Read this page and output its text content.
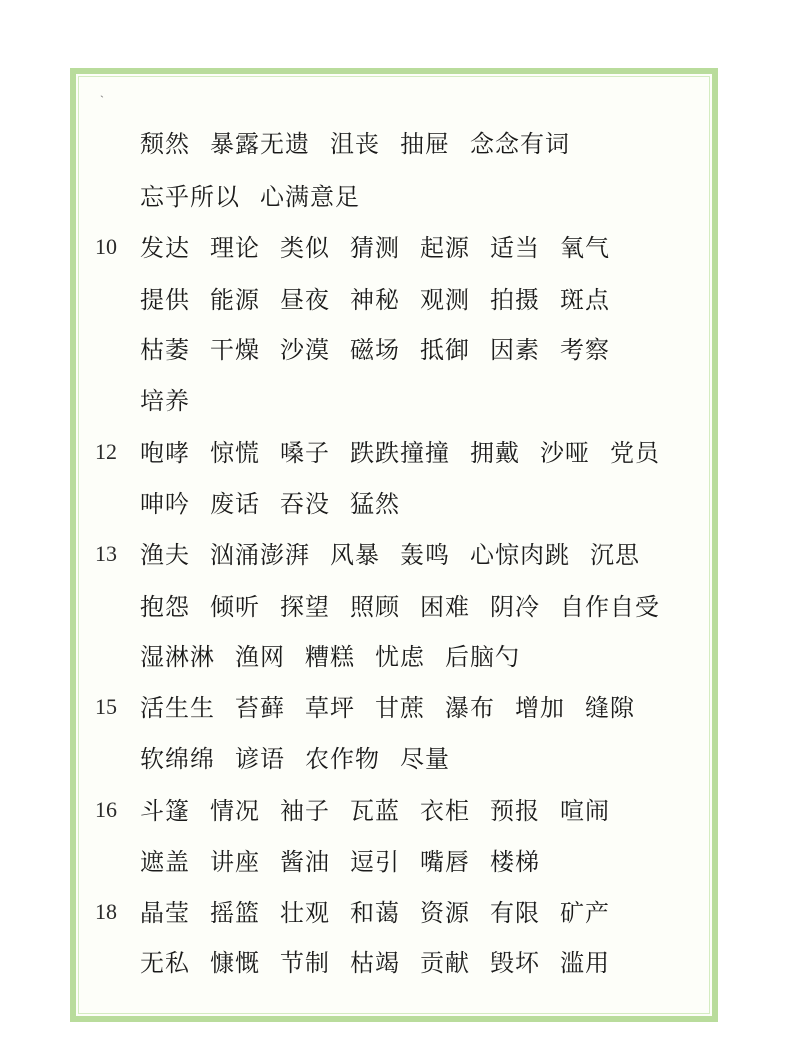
ˎ
颓然 暴露无遗 沮丧 抽屉 念念有词
忘乎所以 心满意足
10 发达 理论 类似 猜测 起源 适当 氧气
提供 能源 昼夜 神秘 观测 拍摄 斑点
枯萎 干燥 沙漠 磁场 抵御 因素 考察
培养
12 咆哮 惊慌 嗓子 跌跌撞撞 拥戴 沙哑 党员
呻吟 废话 吞没 猛然
13 渔夫 汹涌澎湃 风暴 轰鸣 心惊肉跳 沉思
抱怨 倾听 探望 照顾 困难 阴冷 自作自受
湿淋淋 渔网 糟糕 忧虑 后脑勺
15 活生生 苔藓 草坪 甘蔗 瀑布 增加 缝隙
软绵绵 谚语 农作物 尽量
16 斗篷 情况 袖子 瓦蓝 衣柜 预报 喧闹
遮盖 讲座 酱油 逗引 嘴唇 楼梯
18 晶莹 摇篮 壮观 和蔼 资源 有限 矿产
无私 慷慨 节制 枯竭 贡献 毁坏 滥用
